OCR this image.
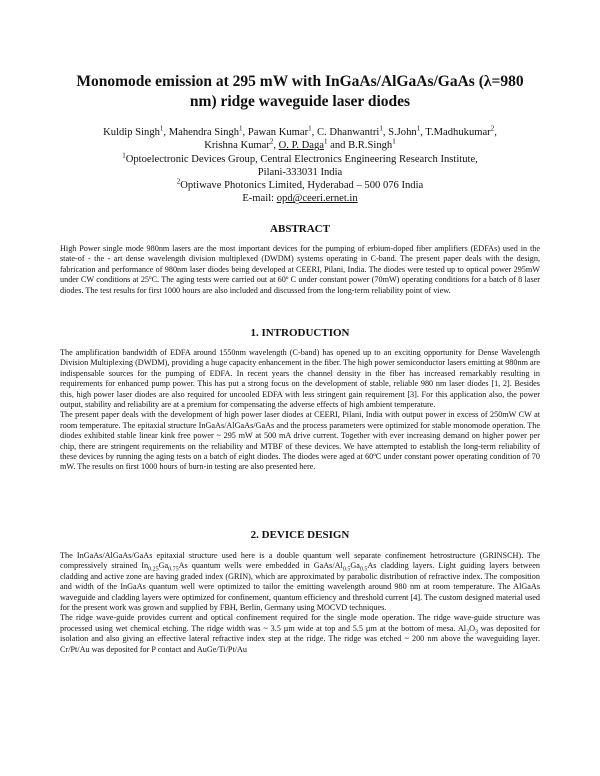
Monomode emission at 295 mW with InGaAs/AlGaAs/GaAs (λ=980
nm) ridge waveguide laser diodes
Kuldip Singh$^1$, Mahendra Singh$^1$, Pawan Kumar$^1$, C. Dhanwantri$^1$, S.John$^1$, T.Madhukumar$^2$,
Krishna Kumar$^2$, O. P. Daga$^1$ and B.R.Singh$^1$
$^1$Optoelectronic Devices Group, Central Electronics Engineering Research Institute,
Pilani-333031 India
$^2$Optiwave Photonics Limited, Hyderabad – 500 076 India
E-mail: opd@ceeri.ernet.in
ABSTRACT

High Power single mode 980nm lasers are the most important devices for the pumping of erbium-doped fiber amplifiers (EDFAs) used in the state-of - the - art dense wavelength division multiplexed (DWDM) systems operating in C-band. The present paper deals with the design, fabrication and performance of 980nm laser diodes being developed at CEERI, Pilani, India. The diodes were tested up to optical power 295mW under CW conditions at 25ºC. The aging tests were carried out at 60º C under constant power (70mW) operating conditions for a batch of 8 laser diodes. The test results for first 1000 hours are also included and discussed from the long-term reliability point of view.

1. INTRODUCTION

The amplification bandwidth of EDFA around 1550nm wavelength (C-band) has opened up to an exciting opportunity for Dense Wavelength Division Multiplexing (DWDM), providing a huge capacity enhancement in the fiber. The high power semiconductor lasers emitting at 980nm are indispensable sources for the pumping of EDFA. In recent years the channel density in the fiber has increased remarkably resulting in requirements for enhanced pump power. This has put a strong focus on the development of stable, reliable 980 nm laser diodes [1, 2]. Besides this, high power laser diodes are also required for uncooled EDFA with less stringent gain requirement [3]. For this application also, the power output, stability and reliability are at a premium for compensating the adverse effects of high ambient temperature.

The present paper deals with the development of high power laser diodes at CEERI, Pilani, India with output power in excess of 250mW CW at room temperature. The epitaxial structure InGaAs/AlGaAs/GaAs and the process parameters were optimized for stable monomode operation. The diodes exhibited stable linear kink free power ~ 295 mW at 500 mA drive current. Together with ever increasing demand on higher power per chip, there are stringent requirements on the reliability and MTBF of these devices. We have attempted to establish the long-term reliability of these devices by running the aging tests on a batch of eight diodes. The diodes were aged at 60ºC under constant power operating condition of 70 mW. The results on first 1000 hours of burn-in testing are also presented here.

2. DEVICE DESIGN

The InGaAs/AlGaAs/GaAs epitaxial structure used here is a double quantum well separate confinement hetrostructure (GRINSCH). The compressively strained $In_{0.25}Ga_{0.75}As$ quantum wells were embedded in GaAs/$Al_{0.5}Ga_{0.5}As$ cladding layers. Light guiding layers between cladding and active zone are having graded index (GRIN), which are approximated by parabolic distribution of refractive index. The composition and width of the InGaAs quantum well were optimized to tailor the emitting wavelength around 980 nm at room temperature. The AlGaAs waveguide and cladding layers were optimized for confinement, quantum efficiency and threshold current [4]. The custom designed material used for the present work was grown and supplied by FBH, Berlin, Germany using MOCVD techniques.

The ridge wave-guide provides current and optical confinement required for the single mode operation. The ridge wave-guide structure was processed using wet chemical etching. The ridge width was ~ 3.5 µm wide at top and 5.5 µm at the bottom of mesa. $Al_2O_3$ was deposited for isolation and also giving an effective lateral refractive index step at the ridge. The ridge was etched ~ 200 nm above the waveguiding layer. Cr/Pt/Au was deposited for P contact and AuGe/Ti/Pt/Au
